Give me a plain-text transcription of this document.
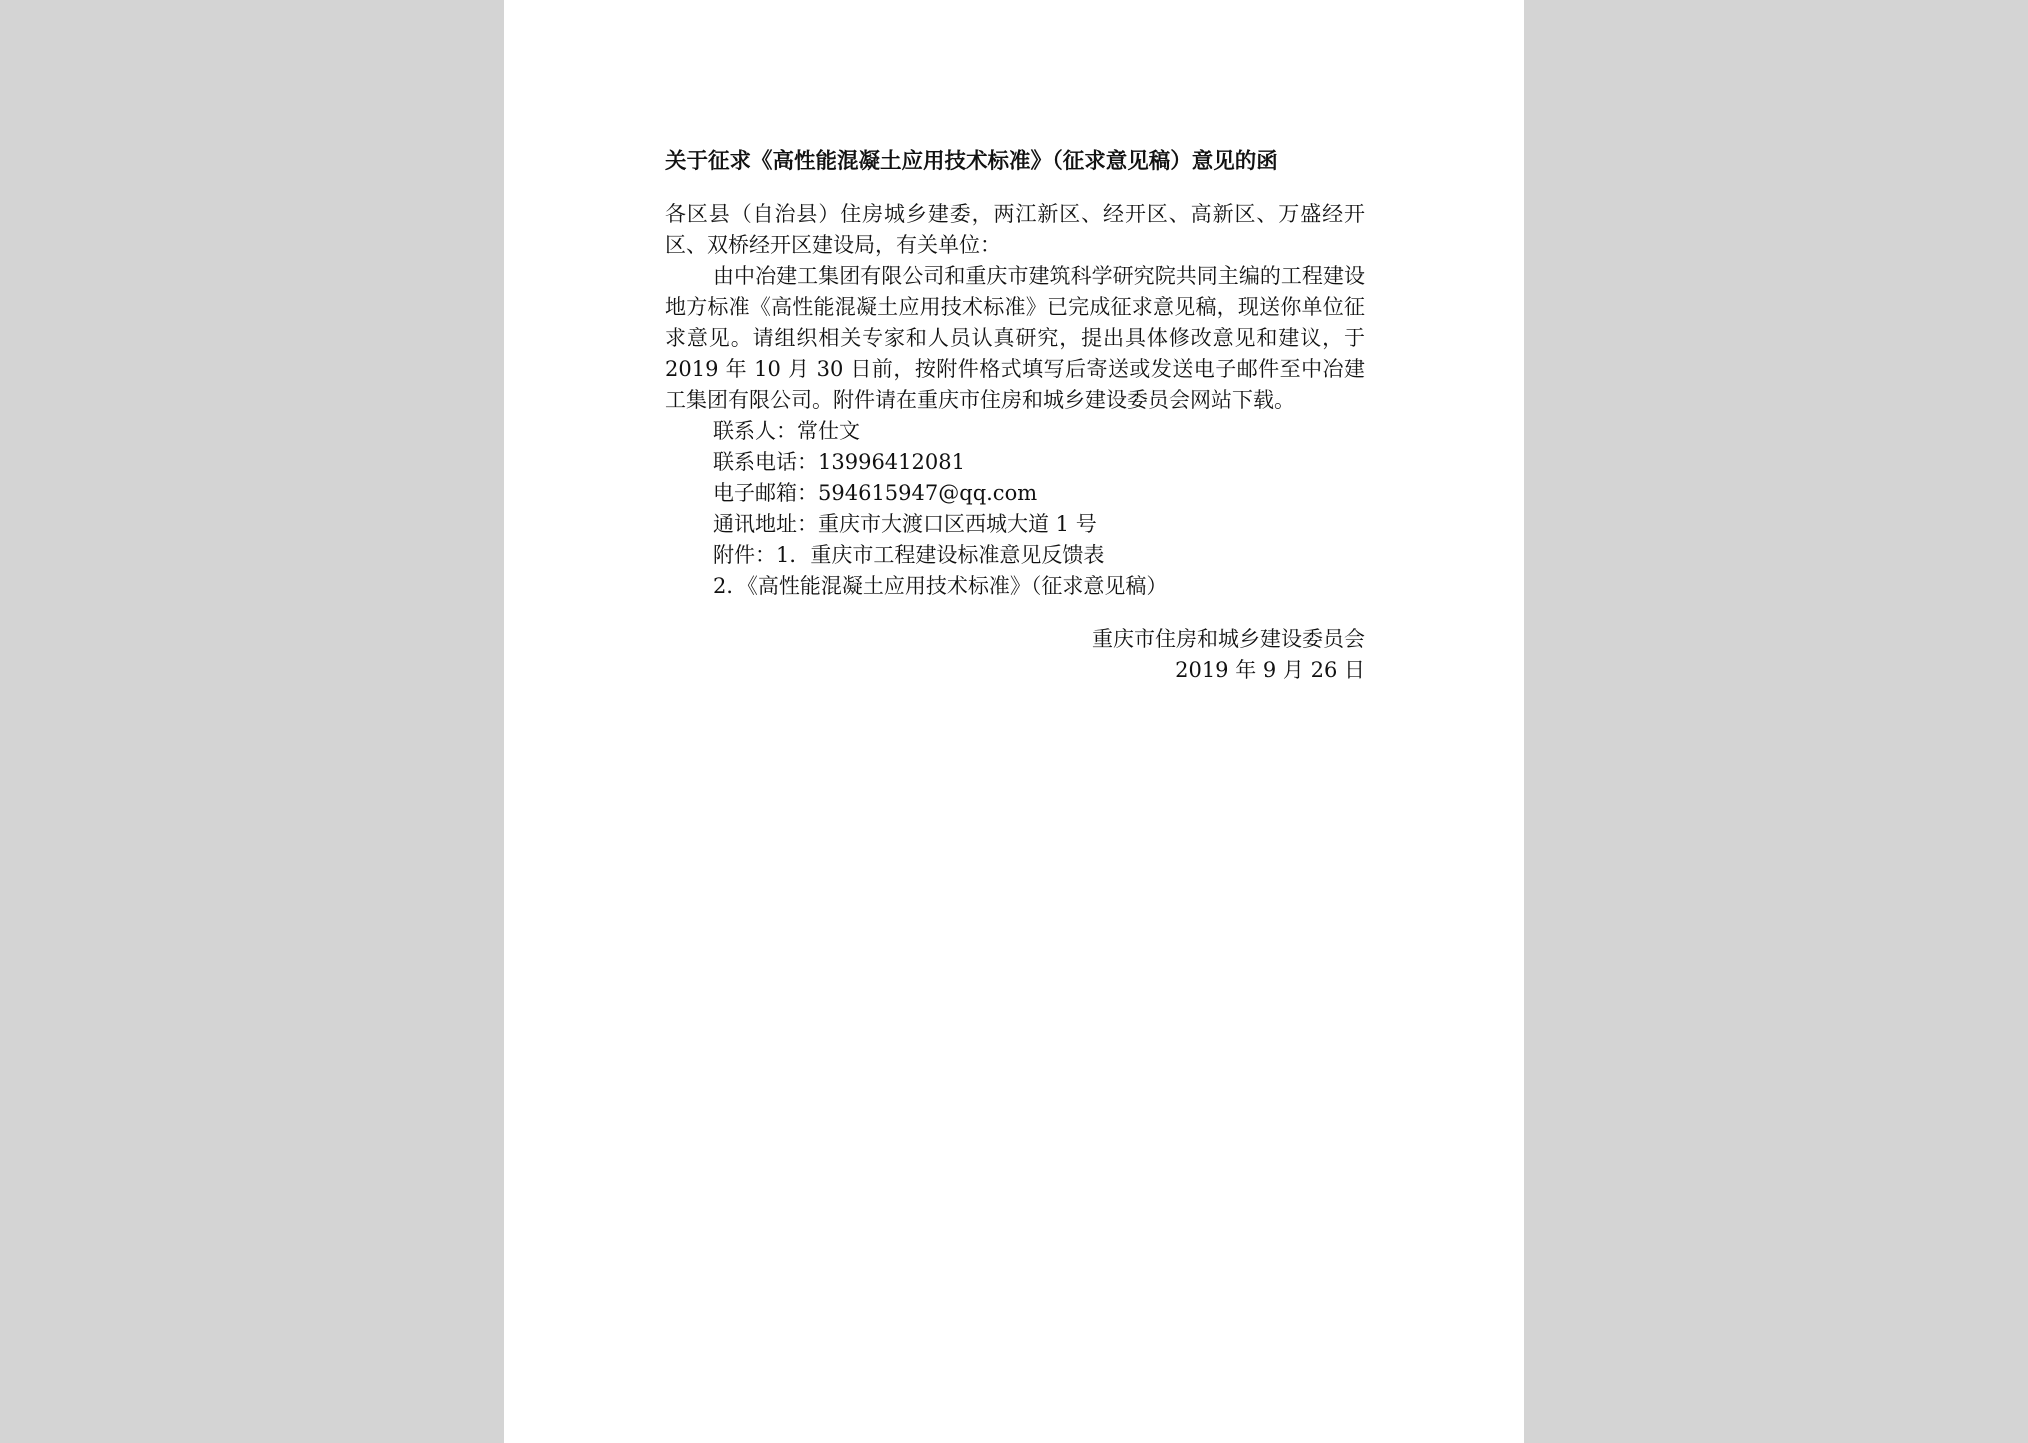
关于征求《高性能混凝土应用技术标准》（征求意见稿）意见的函

各区县（自治县）住房城乡建委，两江新区、经开区、高新区、万盛经开区、双桥经开区建设局，有关单位：

由中冶建工集团有限公司和重庆市建筑科学研究院共同主编的工程建设地方标准《高性能混凝土应用技术标准》已完成征求意见稿，现送你单位征求意见。请组织相关专家和人员认真研究，提出具体修改意见和建议，于 2019 年 10 月 30 日前，按附件格式填写后寄送或发送电子邮件至中冶建工集团有限公司。附件请在重庆市住房和城乡建设委员会网站下载。

联系人：常仕文
联系电话：13996412081
电子邮箱：594615947@qq.com
通讯地址：重庆市大渡口区西城大道 1 号
附件：1．重庆市工程建设标准意见反馈表
2．《高性能混凝土应用技术标准》（征求意见稿）
重庆市住房和城乡建设委员会
2019 年 9 月 26 日
